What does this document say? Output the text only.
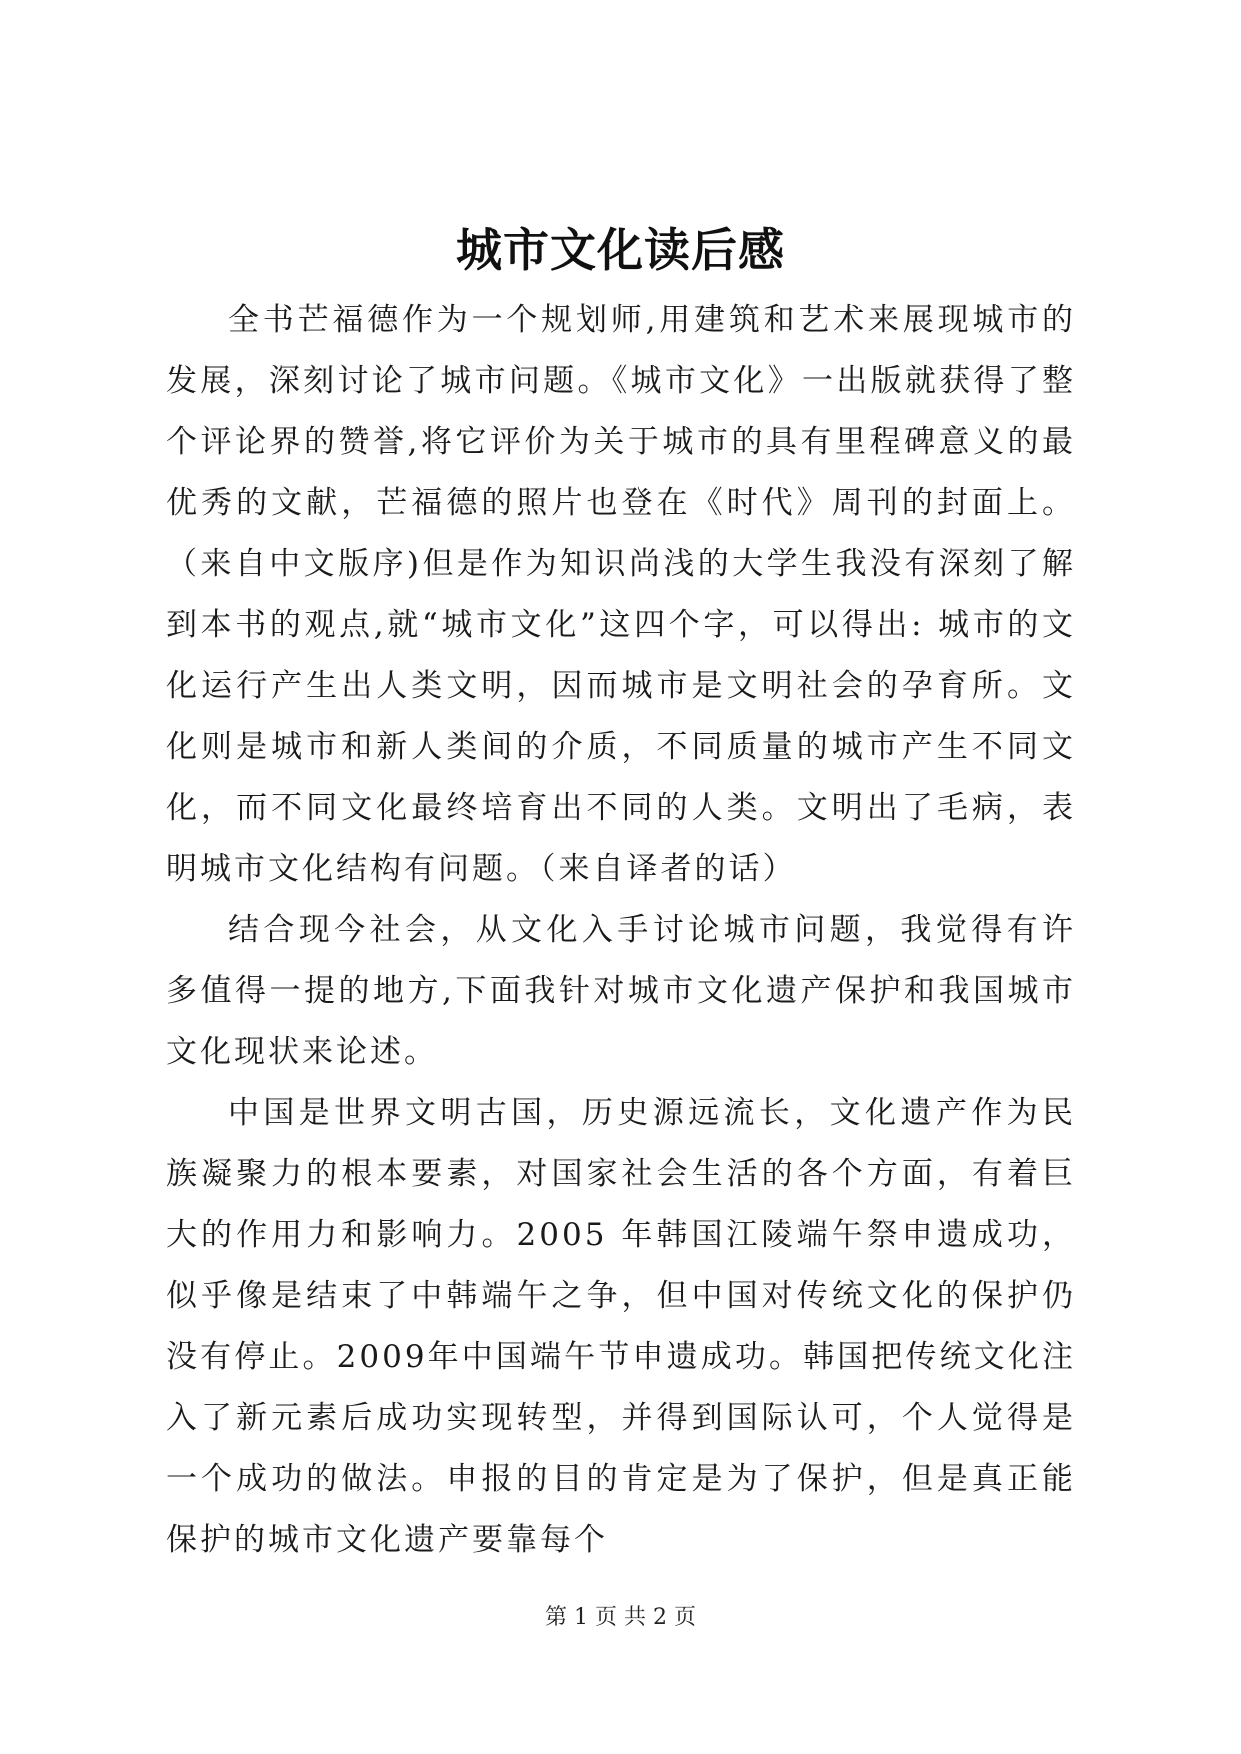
城市文化读后感

全书芒福德作为一个规划师,用建筑和艺术来展现城市的发展，深刻讨论了城市问题。《城市文化》一出版就获得了整个评论界的赞誉,将它评价为关于城市的具有里程碑意义的最优秀的文献，芒福德的照片也登在《时代》周刊的封面上。（来自中文版序)但是作为知识尚浅的大学生我没有深刻了解到本书的观点,就“城市文化”这四个字，可以得出: 城市的文化运行产生出人类文明，因而城市是文明社会的孕育所。文化则是城市和新人类间的介质，不同质量的城市产生不同文化，而不同文化最终培育出不同的人类。文明出了毛病，表明城市文化结构有问题。（来自译者的话）

结合现今社会，从文化入手讨论城市问题，我觉得有许多值得一提的地方,下面我针对城市文化遗产保护和我国城市文化现状来论述。

中国是世界文明古国，历史源远流长，文化遗产作为民族凝聚力的根本要素，对国家社会生活的各个方面，有着巨大的作用力和影响力。2005 年韩国江陵端午祭申遗成功，似乎像是结束了中韩端午之争，但中国对传统文化的保护仍没有停止。2009年中国端午节申遗成功。韩国把传统文化注入了新元素后成功实现转型，并得到国际认可，个人觉得是一个成功的做法。申报的目的肯定是为了保护，但是真正能保护的城市文化遗产要靠每个

第 1 页 共 2 页
